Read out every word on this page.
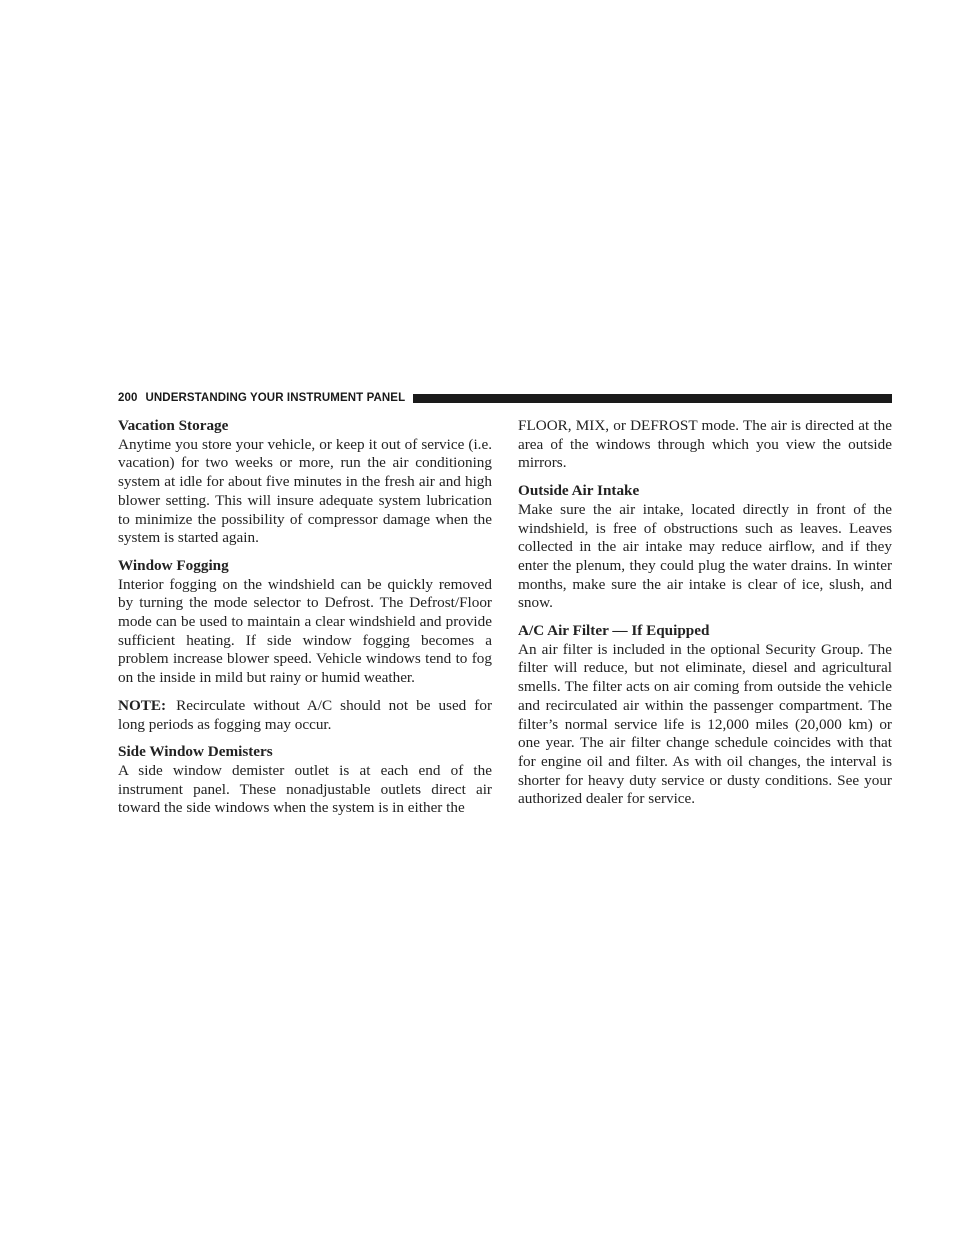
200 UNDERSTANDING YOUR INSTRUMENT PANEL
Vacation Storage

Anytime you store your vehicle, or keep it out of service (i.e. vacation) for two weeks or more, run the air conditioning system at idle for about five minutes in the fresh air and high blower setting. This will insure adequate system lubrication to minimize the possibility of compressor damage when the system is started again.

Window Fogging

Interior fogging on the windshield can be quickly removed by turning the mode selector to Defrost. The Defrost/Floor mode can be used to maintain a clear windshield and provide sufficient heating. If side window fogging becomes a problem increase blower speed. Vehicle windows tend to fog on the inside in mild but rainy or humid weather.

NOTE: Recirculate without A/C should not be used for long periods as fogging may occur.

Side Window Demisters

A side window demister outlet is at each end of the instrument panel. These nonadjustable outlets direct air toward the side windows when the system is in either the

FLOOR, MIX, or DEFROST mode. The air is directed at the area of the windows through which you view the outside mirrors.

Outside Air Intake

Make sure the air intake, located directly in front of the windshield, is free of obstructions such as leaves. Leaves collected in the air intake may reduce airflow, and if they enter the plenum, they could plug the water drains. In winter months, make sure the air intake is clear of ice, slush, and snow.

A/C Air Filter — If Equipped

An air filter is included in the optional Security Group. The filter will reduce, but not eliminate, diesel and agricultural smells. The filter acts on air coming from outside the vehicle and recirculated air within the passenger compartment. The filter’s normal service life is 12,000 miles (20,000 km) or one year. The air filter change schedule coincides with that for engine oil and filter. As with oil changes, the interval is shorter for heavy duty service or dusty conditions. See your authorized dealer for service.
